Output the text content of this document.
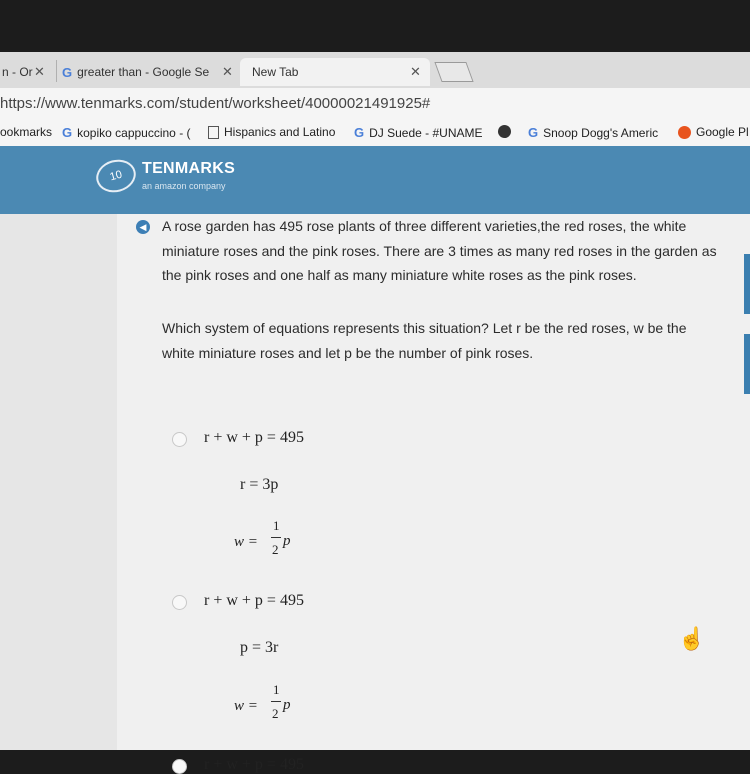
n - Or ✕ G greater than - Google Se ✕ New Tab	✕
https://www.tenmarks.com/student/worksheet/40000021491925#
ookmarks G kopiko cappuccino - (	Hispanics and Latino G DJ Suede - #UNAME	G Snoop Dogg's Americ	Google Pl
10	TENMARKS
an amazon company
◀ A rose garden has 495 rose plants of three different varieties,the red roses, the white miniature roses and the pink roses. There are 3 times as many red roses in the garden as the pink roses and one half as many miniature white roses as the pink roses.

Which system of equations represents this situation? Let r be the red roses, w be the white miniature roses and let p be the number of pink roses.

r + w + p = 495
r = 3p
w =
1
2
p
r + w + p = 495
p = 3r
w =
1
2
p
r + w + p = 495
☝
